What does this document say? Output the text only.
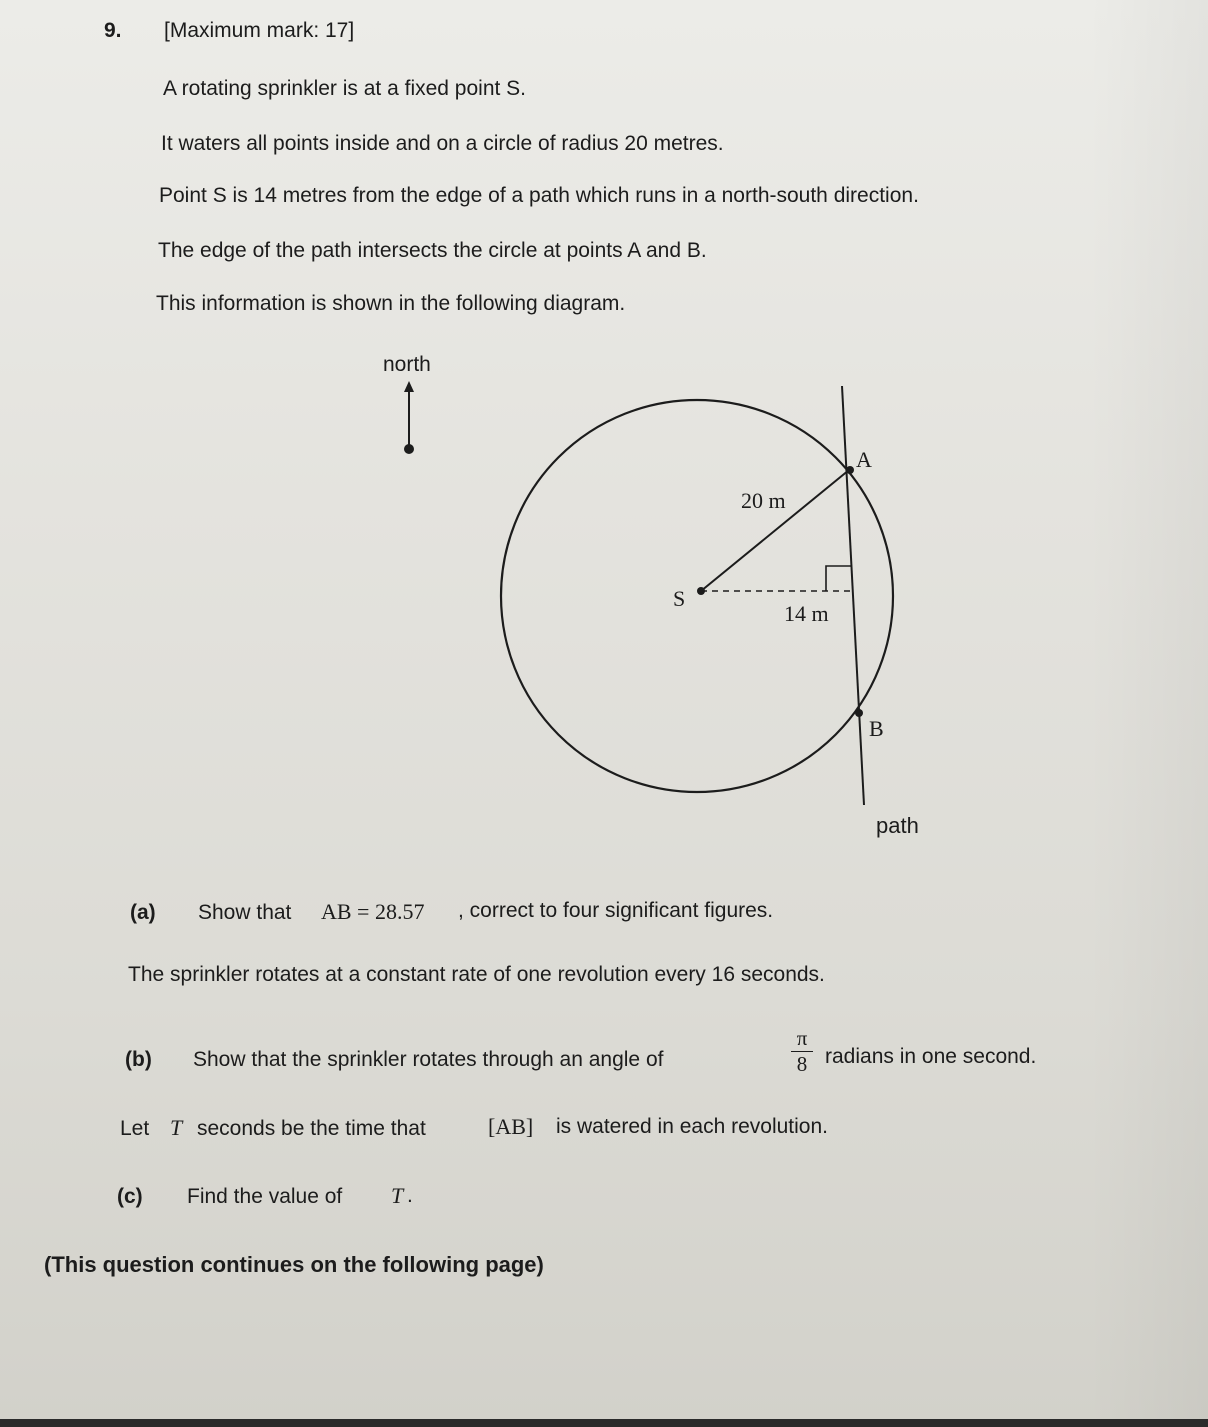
9. [Maximum mark: 17]
A rotating sprinkler is at a fixed point S.
It waters all points inside and on a circle of radius 20 metres.
Point S is 14 metres from the edge of a path which runs in a north-south direction.
The edge of the path intersects the circle at points A and B.
This information is shown in the following diagram.
north
A
B
S
20 m
14 m
path
(a) Show that AB = 28.57 , correct to four significant figures.
The sprinkler rotates at a constant rate of one revolution every 16 seconds.
(b) Show that the sprinkler rotates through an angle of
π
8 radians in one second.
Let T seconds be the time that	[AB] is watered in each revolution.
(c) Find the value of T .
(This question continues on the following page)
